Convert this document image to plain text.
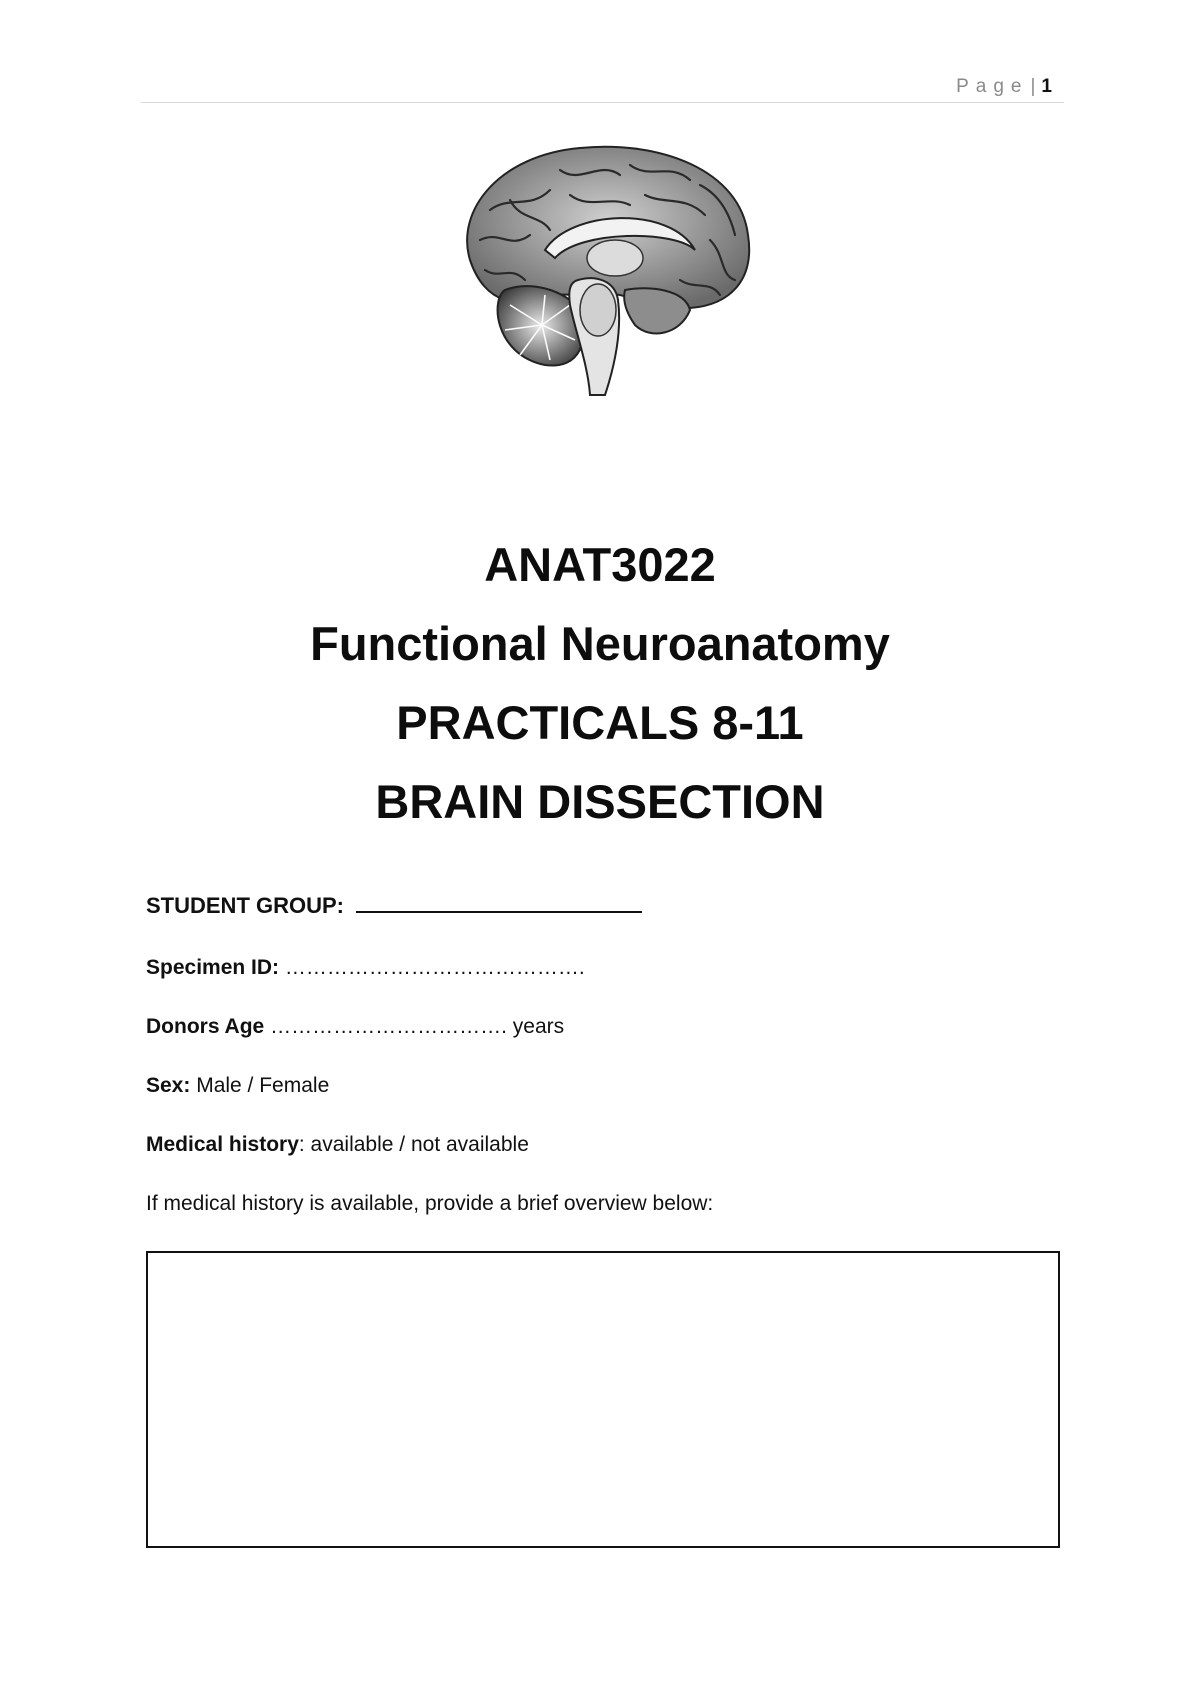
Page | 1
ANAT3022
Functional Neuroanatomy
PRACTICALS 8-11
BRAIN DISSECTION
STUDENT GROUP:
Specimen ID: …………………………………….
Donors Age ……………………………. years
Sex: Male / Female
Medical history: available / not available
If medical history is available, provide a brief overview below:
